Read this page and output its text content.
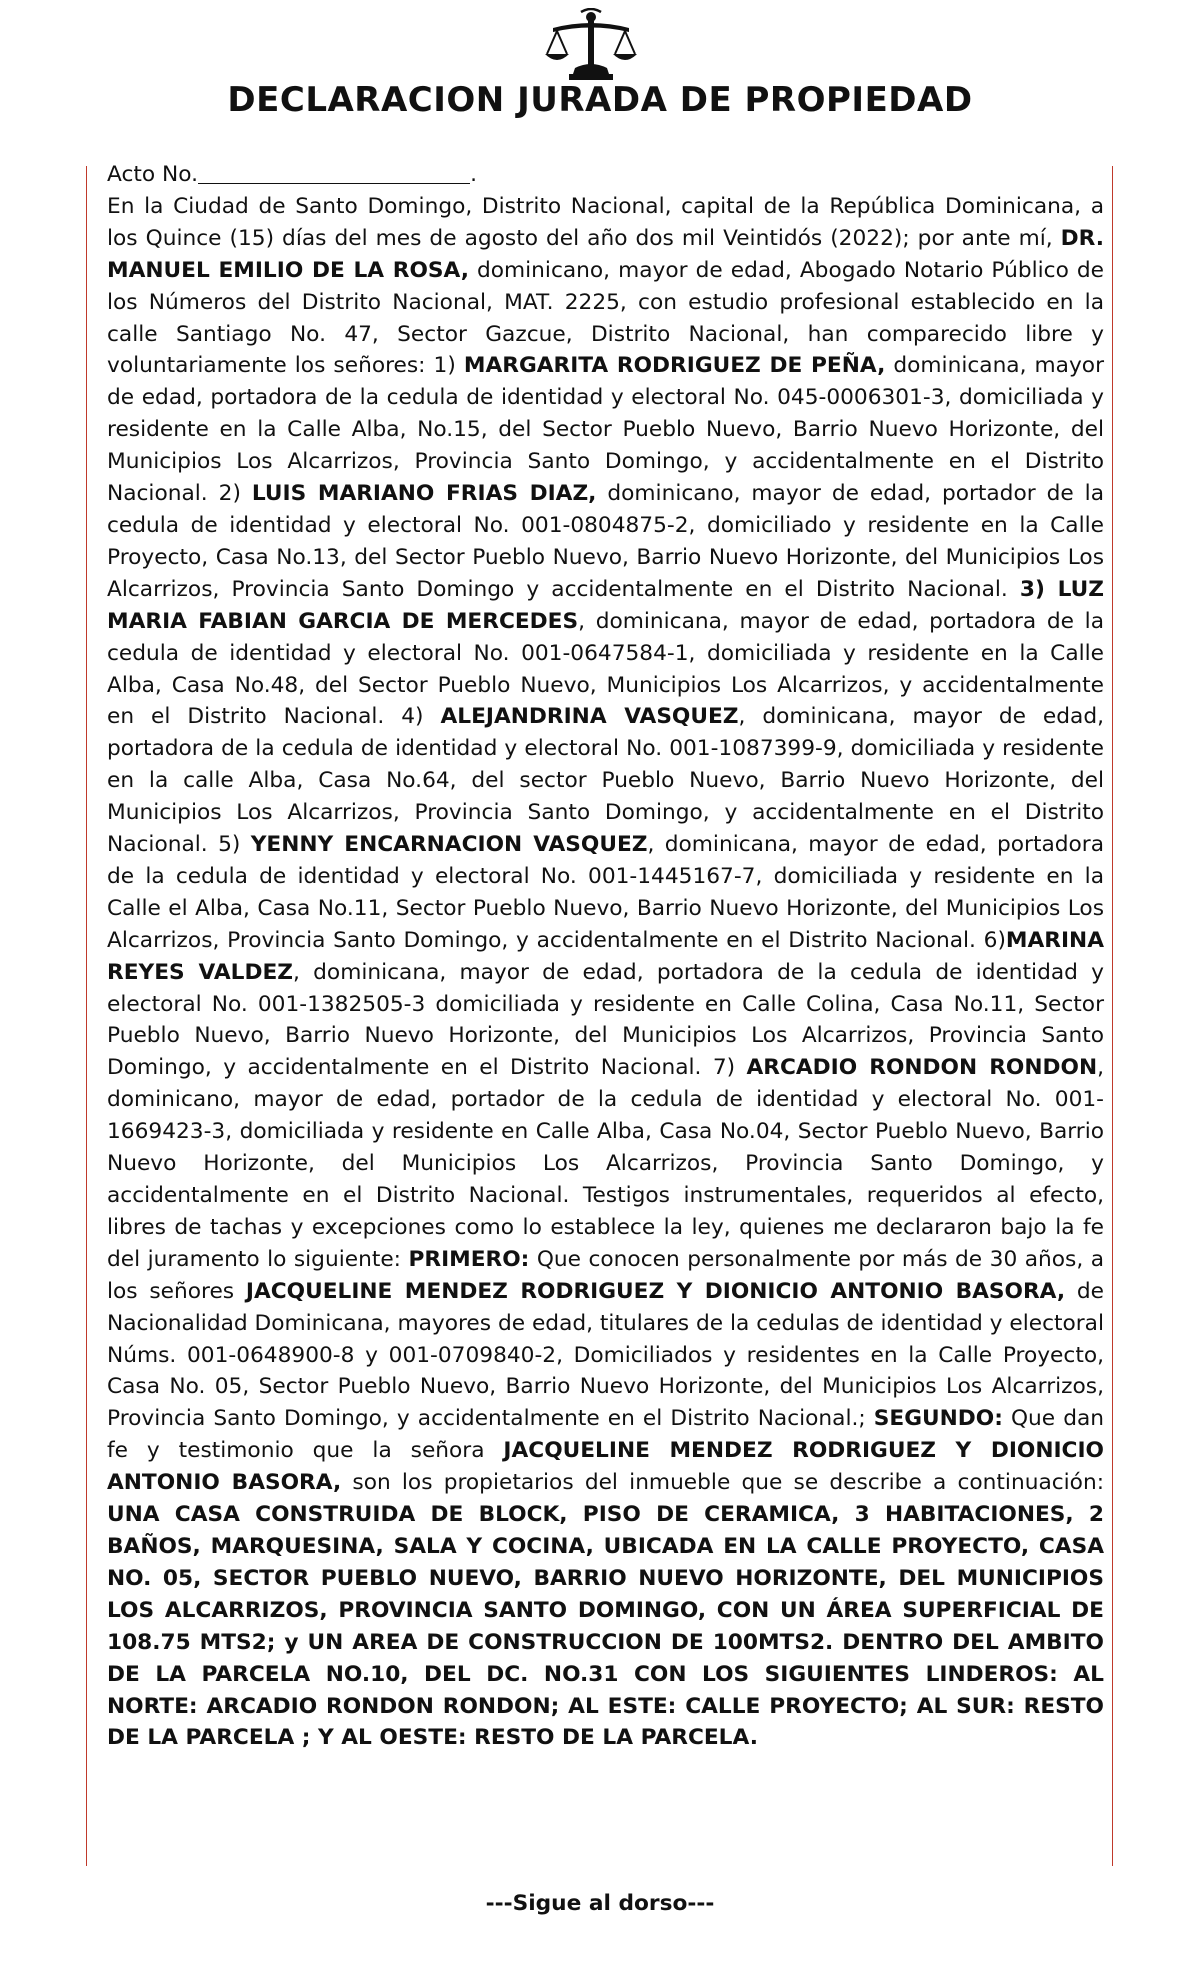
DECLARACION JURADA DE PROPIEDAD
Acto No.	.
En la Ciudad de Santo Domingo, Distrito Nacional, capital de la República Dominicana, a los Quince (15) días del mes de agosto del año dos mil Veintidós (2022); por ante mí, DR. MANUEL EMILIO DE LA ROSA, dominicano, mayor de edad, Abogado Notario Público de los Números del Distrito Nacional, MAT. 2225, con estudio profesional establecido en la calle Santiago No. 47, Sector Gazcue, Distrito Nacional, han comparecido libre y voluntariamente los señores: 1) MARGARITA RODRIGUEZ DE PEÑA, dominicana, mayor de edad, portadora de la cedula de identidad y electoral No. 045-0006301-3, domiciliada y residente en la Calle Alba, No.15, del Sector Pueblo Nuevo, Barrio Nuevo Horizonte, del Municipios Los Alcarrizos, Provincia Santo Domingo, y accidentalmente en el Distrito Nacional. 2) LUIS MARIANO FRIAS DIAZ, dominicano, mayor de edad, portador de la cedula de identidad y electoral No. 001-0804875-2, domiciliado y residente en la Calle Proyecto, Casa No.13, del Sector Pueblo Nuevo, Barrio Nuevo Horizonte, del Municipios Los Alcarrizos, Provincia Santo Domingo y accidentalmente en el Distrito Nacional. 3) LUZ MARIA FABIAN GARCIA DE MERCEDES, dominicana, mayor de edad, portadora de la cedula de identidad y electoral No. 001-0647584-1, domiciliada y residente en la Calle Alba, Casa No.48, del Sector Pueblo Nuevo, Municipios Los Alcarrizos, y accidentalmente en el Distrito Nacional. 4) ALEJANDRINA VASQUEZ, dominicana, mayor de edad, portadora de la cedula de identidad y electoral No. 001-1087399-9, domiciliada y residente en la calle Alba, Casa No.64, del sector Pueblo Nuevo, Barrio Nuevo Horizonte, del Municipios Los Alcarrizos, Provincia Santo Domingo, y accidentalmente en el Distrito Nacional. 5) YENNY ENCARNACION VASQUEZ, dominicana, mayor de edad, portadora de la cedula de identidad y electoral No. 001-1445167-7, domiciliada y residente en la Calle el Alba, Casa No.11, Sector Pueblo Nuevo, Barrio Nuevo Horizonte, del Municipios Los Alcarrizos, Provincia Santo Domingo, y accidentalmente en el Distrito Nacional. 6)MARINA REYES VALDEZ, dominicana, mayor de edad, portadora de la cedula de identidad y electoral No. 001-1382505-3 domiciliada y residente en Calle Colina, Casa No.11, Sector Pueblo Nuevo, Barrio Nuevo Horizonte, del Municipios Los Alcarrizos, Provincia Santo Domingo, y accidentalmente en el Distrito Nacional. 7) ARCADIO RONDON RONDON, dominicano, mayor de edad, portador de la cedula de identidad y electoral No. 001-1669423-3, domiciliada y residente en Calle Alba, Casa No.04, Sector Pueblo Nuevo, Barrio Nuevo Horizonte, del Municipios Los Alcarrizos, Provincia Santo Domingo, y accidentalmente en el Distrito Nacional. Testigos instrumentales, requeridos al efecto, libres de tachas y excepciones como lo establece la ley, quienes me declararon bajo la fe del juramento lo siguiente: PRIMERO: Que conocen personalmente por más de 30 años, a los señores JACQUELINE MENDEZ RODRIGUEZ Y DIONICIO ANTONIO BASORA, de Nacionalidad Dominicana, mayores de edad, titulares de la cedulas de identidad y electoral Núms. 001-0648900-8 y 001-0709840-2, Domiciliados y residentes en la Calle Proyecto, Casa No. 05, Sector Pueblo Nuevo, Barrio Nuevo Horizonte, del Municipios Los Alcarrizos, Provincia Santo Domingo, y accidentalmente en el Distrito Nacional.; SEGUNDO: Que dan fe y testimonio que la señora JACQUELINE MENDEZ RODRIGUEZ Y DIONICIO ANTONIO BASORA, son los propietarios del inmueble que se describe a continuación: UNA CASA CONSTRUIDA DE BLOCK, PISO DE CERAMICA, 3 HABITACIONES, 2 BAÑOS, MARQUESINA, SALA Y COCINA, UBICADA EN LA CALLE PROYECTO, CASA NO. 05, SECTOR PUEBLO NUEVO, BARRIO NUEVO HORIZONTE, DEL MUNICIPIOS LOS ALCARRIZOS, PROVINCIA SANTO DOMINGO, CON UN ÁREA SUPERFICIAL DE 108.75 MTS2; y UN AREA DE CONSTRUCCION DE 100MTS2. DENTRO DEL AMBITO DE LA PARCELA NO.10, DEL DC. NO.31 CON LOS SIGUIENTES LINDEROS: AL NORTE: ARCADIO RONDON RONDON; AL ESTE: CALLE PROYECTO; AL SUR: RESTO DE LA PARCELA ; Y AL OESTE: RESTO DE LA PARCELA.
---Sigue al dorso---
